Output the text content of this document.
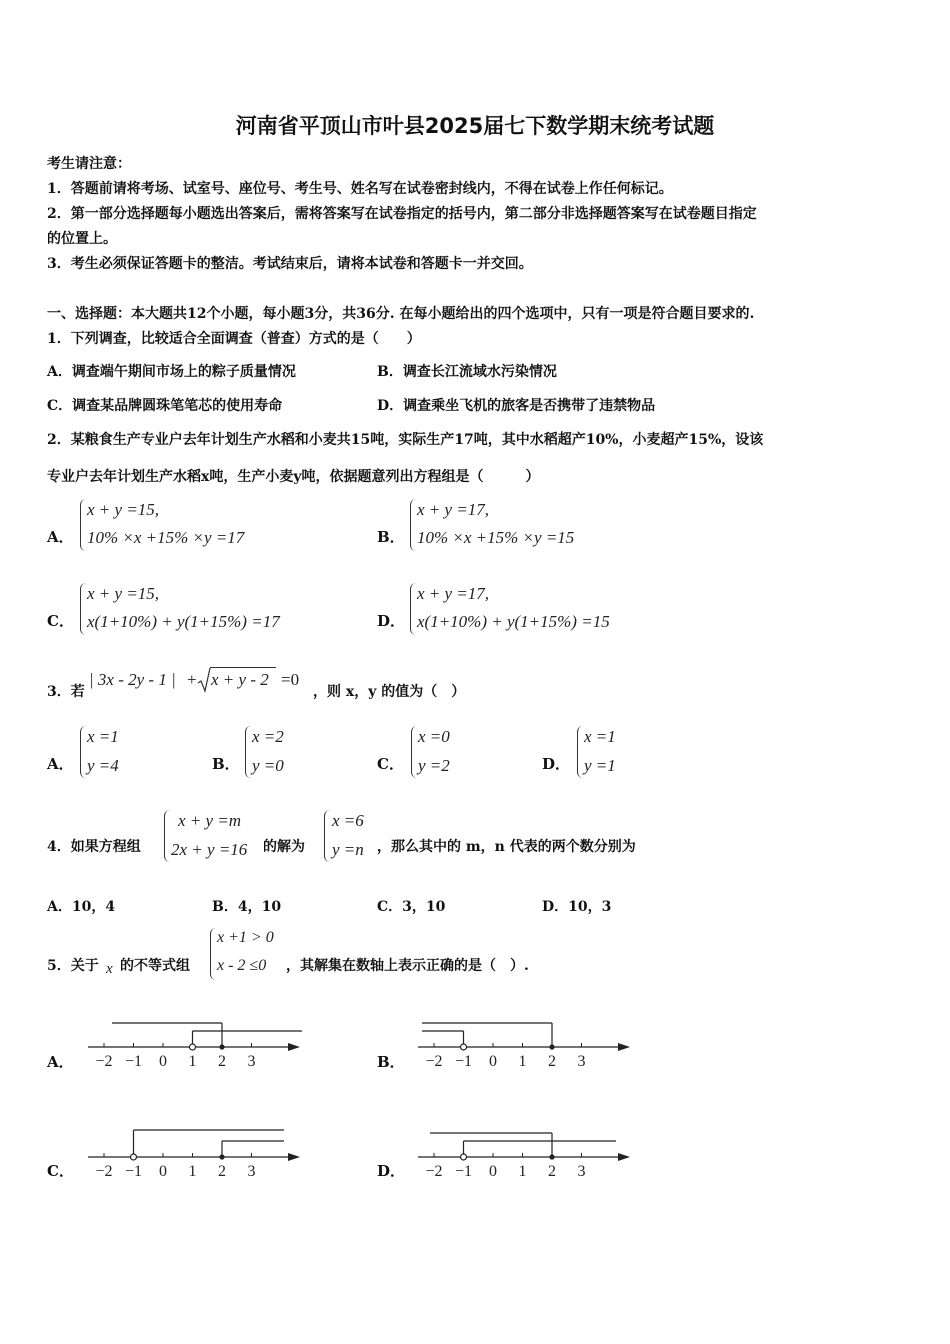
河南省平顶山市叶县2025届七下数学期末统考试题
考生请注意：
1．答题前请将考场、试室号、座位号、考生号、姓名写在试卷密封线内，不得在试卷上作任何标记。
2．第一部分选择题每小题选出答案后，需将答案写在试卷指定的括号内，第二部分非选择题答案写在试卷题目指定
的位置上。
3．考生必须保证答题卡的整洁。考试结束后，请将本试卷和答题卡一并交回。
一、选择题：本大题共12个小题，每小题3分，共36分. 在每小题给出的四个选项中，只有一项是符合题目要求的.
1．下列调查，比较适合全面调查（普查）方式的是（　　）
A．调查端午期间市场上的粽子质量情况	B．调查长江流域水污染情况
C．调查某品牌圆珠笔笔芯的使用寿命	D．调查乘坐飞机的旅客是否携带了违禁物品
2．某粮食生产专业户去年计划生产水稻和小麦共15吨，实际生产17吨，其中水稻超产10%，小麦超产15%，设该
专业户去年计划生产水稻x吨，生产小麦y吨，依据题意列出方程组是（　　　）
A．
x + y =15,
10% ×x +15% ×y =17	B．
x + y =17,
10% ×x +15% ×y =15
C．
x + y =15,
x(1+10%) + y(1+15%) =17	D．
x + y =17,
x(1+10%) + y(1+15%) =15
3．若
| 3x - 2y - 1 | + x + y - 2 =0
，则 x，y 的值为（　）
A．
x =1
y =4	B．
x =2
y =0	C．
x =0
y =2	D．
x =1
y =1
4．如果方程组
x + y =m
2x + y =16 的解为
x =6
y =n ，那么其中的 m，n 代表的两个数分别为
A．10，4	B．4，10	C．3，10	D．10，3
5．关于 x 的不等式组
x +1 > 0
x - 2 ≤0 ，其解集在数轴上表示正确的是（　）.
A．	B．
C．	D．
−2 −1 0 1 2 3	−2 −1 0 1 2 3
−2 −1 0 1 2 3	−2 −1 0 1 2 3
